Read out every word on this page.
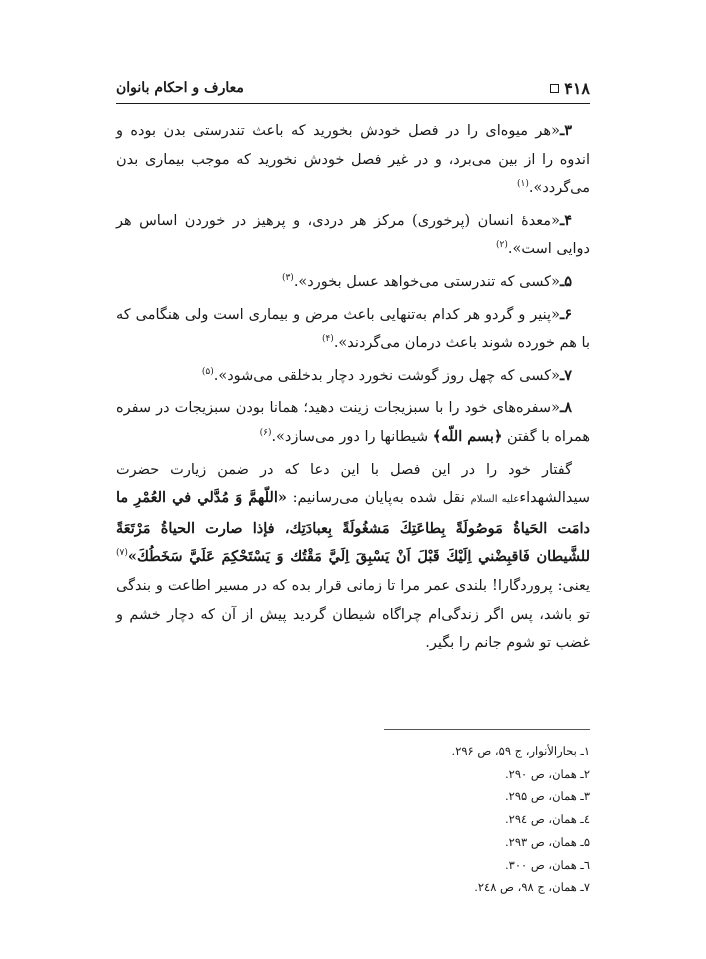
۴۱۸
معارف و احکام بانوان

۳ـ«هر میوه‌ای را در فصل خودش بخورید که باعث تندرستی بدن بوده و اندوه را از بین می‌برد، و در غیر فصل خودش نخورید که موجب بیماری بدن می‌گردد».$^{(۱)}$

۴ـ«معدهٔ انسان (پرخوری) مرکز هر دردی، و پرهیز در خوردن اساس هر دوایی است».$^{(۲)}$

۵ـ«کسی که تندرستی می‌خواهد عسل بخورد».$^{(۳)}$

۶ـ«پنیر و گردو هر کدام به‌تنهایی باعث مرض و بیماری است ولی هنگامی که با هم خورده شوند باعث درمان می‌گردند».$^{(۴)}$

۷ـ«کسی که چهل روز گوشت نخورد دچار بدخلقی می‌شود».$^{(۵)}$

۸ـ«سفره‌های خود را با سبزیجات زینت دهید؛ همانا بودن سبزیجات در سفره همراه با گفتن ﴿بسم اللّه﴾ شیطانها را دور می‌سازد».$^{(۶)}$

گفتار خود را در این فصل با این دعا که در ضمن زیارت حضرت سیدالشهداءعلیه السلام نقل شده به‌پایان می‌رسانیم: «اللّهمَّ وَ مُدَّلي في العُمْرِ ما دامَت الحَياةُ مَوصُولَةً بِطاعَتِكَ مَشغُولَةً بِعبادَتِك، فإذا صارت الحياةُ مَرْتَعَةً للشَّيطان فَاقبِضْني اِلَيْكَ قَبْلَ اَنْ يَسْبِقَ اِلَيَّ مَقْتُك وَ يَسْتَحْكِمَ عَلَيَّ سَخَطُكَ»$^{(۷)}$ یعنی: پروردگارا! بلندی عمر مرا تا زمانی قرار بده که در مسیر اطاعت و بندگی تو باشد، پس اگر زندگی‌ام چراگاه شیطان گردید پیش از آن که دچار خشم و غضب تو شوم جانم را بگیر.

۱ـ بحارالأنوار، ج ۵۹، ص ۲۹۶.
۲ـ همان، ص ۲۹۰.
۳ـ همان، ص ۲۹۵.
٤ـ همان، ص ۲۹٤.
۵ـ همان، ص ۲۹۳.
٦ـ همان، ص ۳۰۰.
۷ـ همان، ج ۹۸، ص ۲٤۸.
